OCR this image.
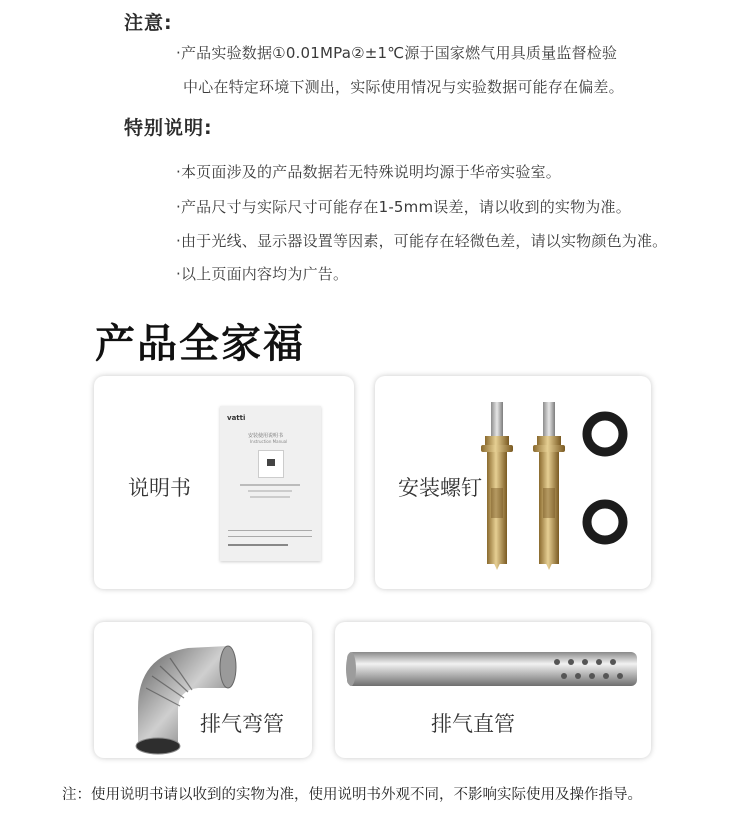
注意:
·产品实验数据①0.01MPa②±1℃源于国家燃气用具质量监督检验
中心在特定环境下测出，实际使用情况与实验数据可能存在偏差。
特别说明:
·本页面涉及的产品数据若无特殊说明均源于华帝实验室。
·产品尺寸与实际尺寸可能存在1-5mm误差，请以收到的实物为准。
·由于光线、显示器设置等因素，可能存在轻微色差，请以实物颜色为准。
·以上页面内容均为广告。
产品全家福
说明书
vatti
安装使用说明书
Instruction Manual
安装螺钉
排气弯管	排气直管
注：使用说明书请以收到的实物为准，使用说明书外观不同，不影响实际使用及操作指导。
